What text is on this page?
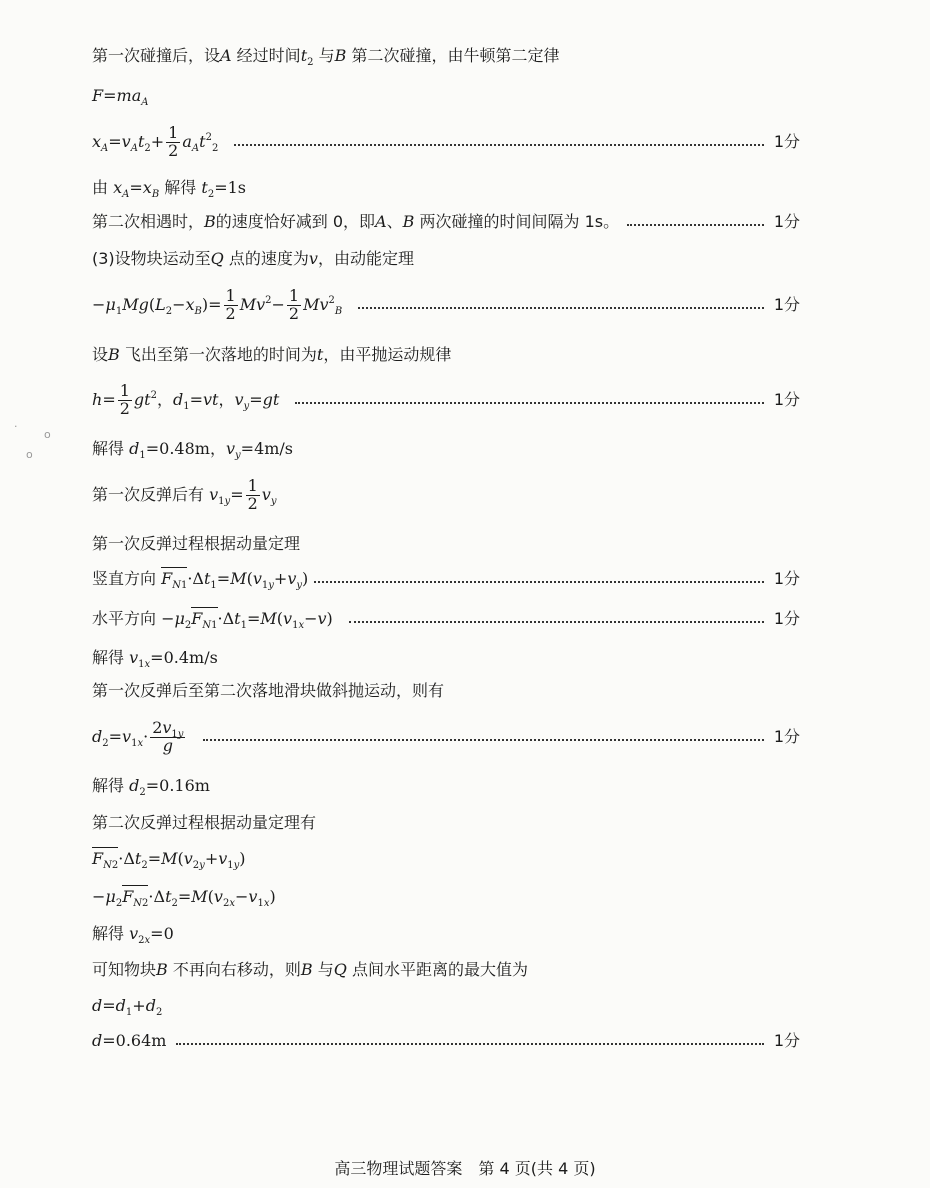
第一次碰撞后，设A 经过时间$t_2$ 与B 第二次碰撞，由牛顿第二定律
$F=ma_A$
$x_A=v_At_2+ \frac{1}{2} a_At^2_2$	1分
由 $x_A=x_B$ 解得 $t_2=1s$
第二次相遇时，B的速度恰好减到 0，即A、B 两次碰撞的时间间隔为 1s。	1分
(3)设物块运动至Q 点的速度为v，由动能定理
$-\mu_1Mg(L_2-x_B)= \frac{1}{2} Mv^2- \frac{1}{2} Mv^2_B$	1分
设B 飞出至第一次落地的时间为t，由平抛运动规律
$h= \frac{1}{2} gt^2$，$d_1=vt$，$v_y=gt$	1分
解得 $d_1=0.48m$，$v_y=4m/s$
第一次反弹后有 $v_{1y}= \frac{1}{2} v_y$
第一次反弹过程根据动量定理
竖直方向 $F_{N1}\cdot\Delta t_1=M(v_{1y}+v_y)$	1分
水平方向 $-\mu_2F_{N1}\cdot\Delta t_1=M(v_{1x}-v)$	1分
解得 $v_{1x}=0.4m/s$
第一次反弹后至第二次落地滑块做斜抛运动，则有
$d_2=v_{1x}\cdot \frac{2v_{1y}}{g}$	1分
解得 $d_2=0.16m$
第二次反弹过程根据动量定理有
$F_{N2}\cdot\Delta t_2=M(v_{2y}+v_{1y})$
$-\mu_2F_{N2}\cdot\Delta t_2=M(v_{2x}-v_{1x})$
解得 $v_{2x}=0$
可知物块B 不再向右移动，则B 与Q 点间水平距离的最大值为
$d=d_1+d_2$
d=0.64m	1分
高三物理试题答案　第 4 页(共 4 页)
·
o
o
